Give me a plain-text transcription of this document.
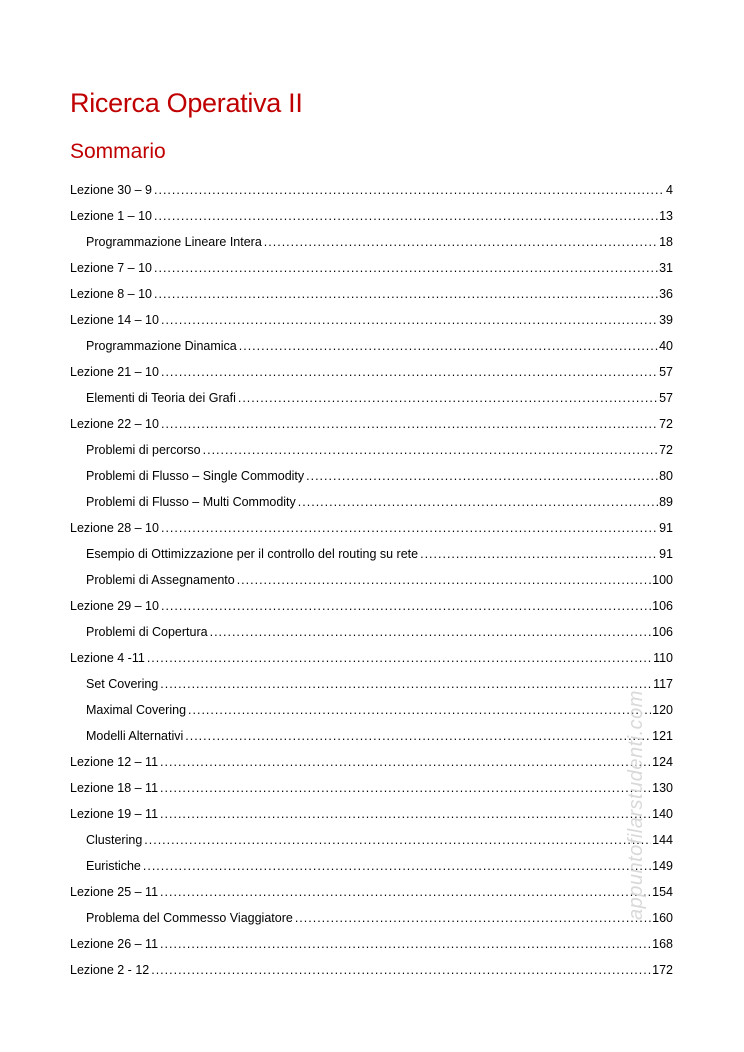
Ricerca Operativa II
Sommario
Lezione 30 – 9 .....	4
Lezione 1 – 10 .....	13
Programmazione Lineare Intera .....	18
Lezione 7 – 10 .....	31
Lezione 8 – 10 .....	36
Lezione 14 – 10 .....	39
Programmazione Dinamica .....	40
Lezione 21 – 10 .....	57
Elementi di Teoria dei Grafi .....	57
Lezione 22 – 10 .....	72
Problemi di percorso .....	72
Problemi di Flusso – Single Commodity .....	80
Problemi di Flusso – Multi Commodity .....	89
Lezione 28 – 10 .....	91
Esempio di Ottimizzazione per il controllo del routing su rete .....	91
Problemi di Assegnamento .....	100
Lezione 29 – 10 .....	106
Problemi di Copertura .....	106
Lezione 4 -11 .....	110
Set Covering .....	117
Maximal Covering .....	120
Modelli Alternativi .....	121
Lezione 12 – 11 .....	124
Lezione 18 – 11 .....	130
Lezione 19 – 11 .....	140
Clustering .....	144
Euristiche .....	149
Lezione 25 – 11 .....	154
Problema del Commesso Viaggiatore .....	160
Lezione 26 – 11 .....	168
Lezione 2 - 12 .....	172
appuntofilarstudenti.com
